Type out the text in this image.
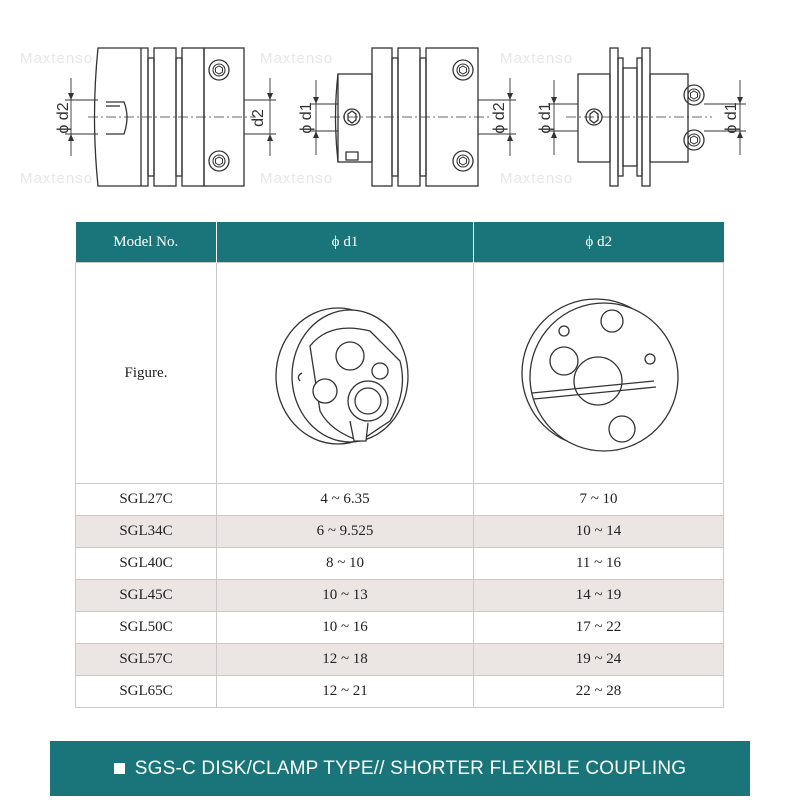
Maxtenso	Maxtenso	Maxtenso
Maxtenso	Maxtenso	Maxtenso
ϕ d2	d2
ϕ d1
ϕ d2
ϕ d1
ϕ d1
Model No.	ϕ d1	ϕ d2
Figure.		
SGL27C	4 ~ 6.35	7 ~ 10
SGL34C	6 ~ 9.525	10 ~ 14
SGL40C	8 ~ 10	11 ~ 16
SGL45C	10 ~ 13	14 ~ 19
SGL50C	10 ~ 16	17 ~ 22
SGL57C	12 ~ 18	19 ~ 24
SGL65C	12 ~ 21	22 ~ 28
SGS-C DISK/CLAMP TYPE// SHORTER FLEXIBLE COUPLING
